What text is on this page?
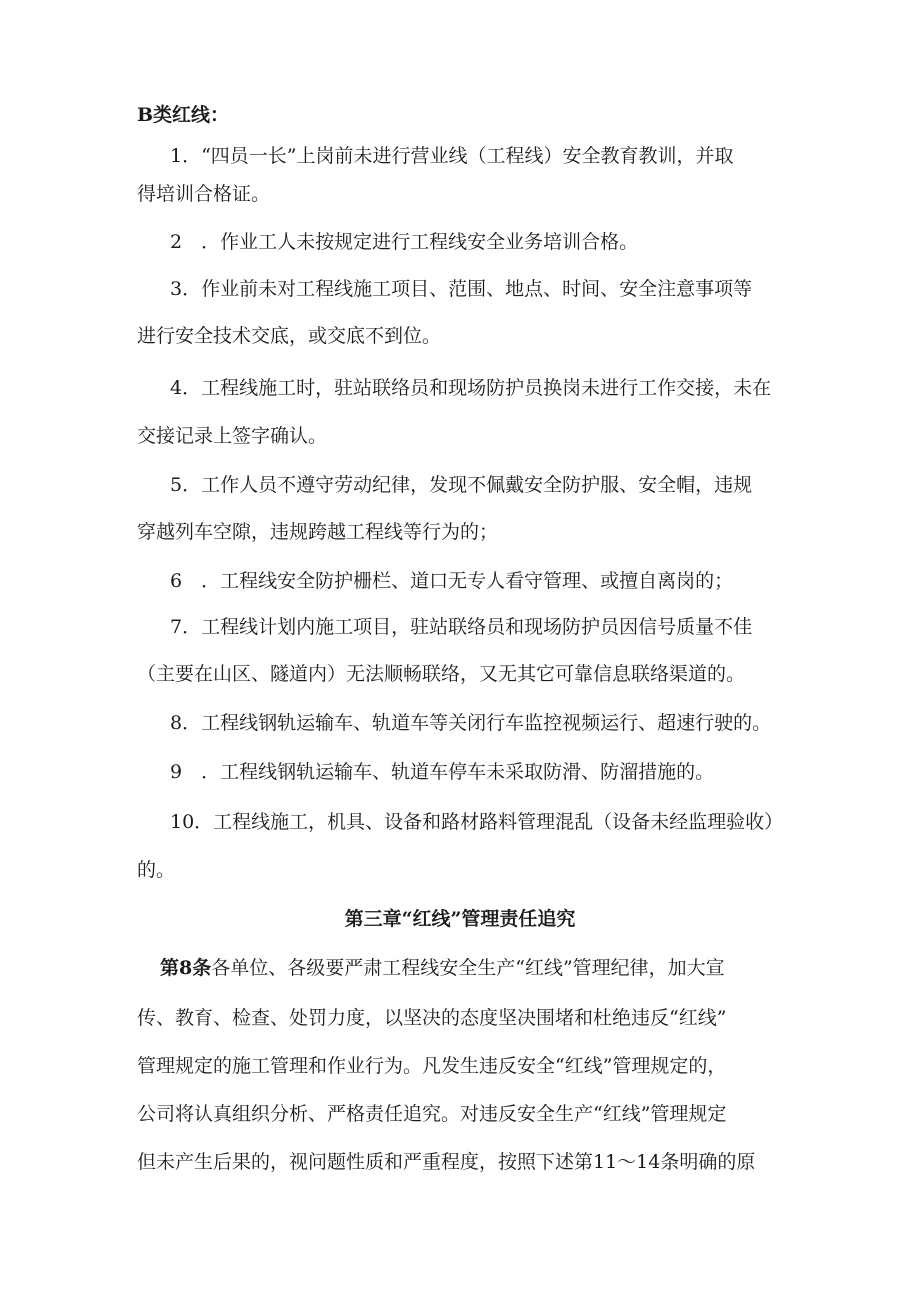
B类红线：
1．“四员一长”上岗前未进行营业线（工程线）安全教育教训，并取
得培训合格证。
2　．作业工人未按规定进行工程线安全业务培训合格。
3．作业前未对工程线施工项目、范围、地点、时间、安全注意事项等
进行安全技术交底，或交底不到位。
4．工程线施工时，驻站联络员和现场防护员换岗未进行工作交接，未在
交接记录上签字确认。
5．工作人员不遵守劳动纪律，发现不佩戴安全防护服、安全帽，违规
穿越列车空隙，违规跨越工程线等行为的；
6　．工程线安全防护栅栏、道口无专人看守管理、或擅自离岗的；
7．工程线计划内施工项目，驻站联络员和现场防护员因信号质量不佳
（主要在山区、隧道内）无法顺畅联络，又无其它可靠信息联络渠道的。
8．工程线钢轨运输车、轨道车等关闭行车监控视频运行、超速行驶的。
9　．工程线钢轨运输车、轨道车停车未采取防滑、防溜措施的。
10．工程线施工，机具、设备和路材路料管理混乱（设备未经监理验收）
的。
第三章“红线”管理责任追究
第8条各单位、各级要严肃工程线安全生产“红线”管理纪律，加大宣
传、教育、检查、处罚力度，以坚决的态度坚决围堵和杜绝违反“红线”
管理规定的施工管理和作业行为。凡发生违反安全“红线”管理规定的，
公司将认真组织分析、严格责任追究。对违反安全生产“红线”管理规定
但未产生后果的，视问题性质和严重程度，按照下述第11～14条明确的原
